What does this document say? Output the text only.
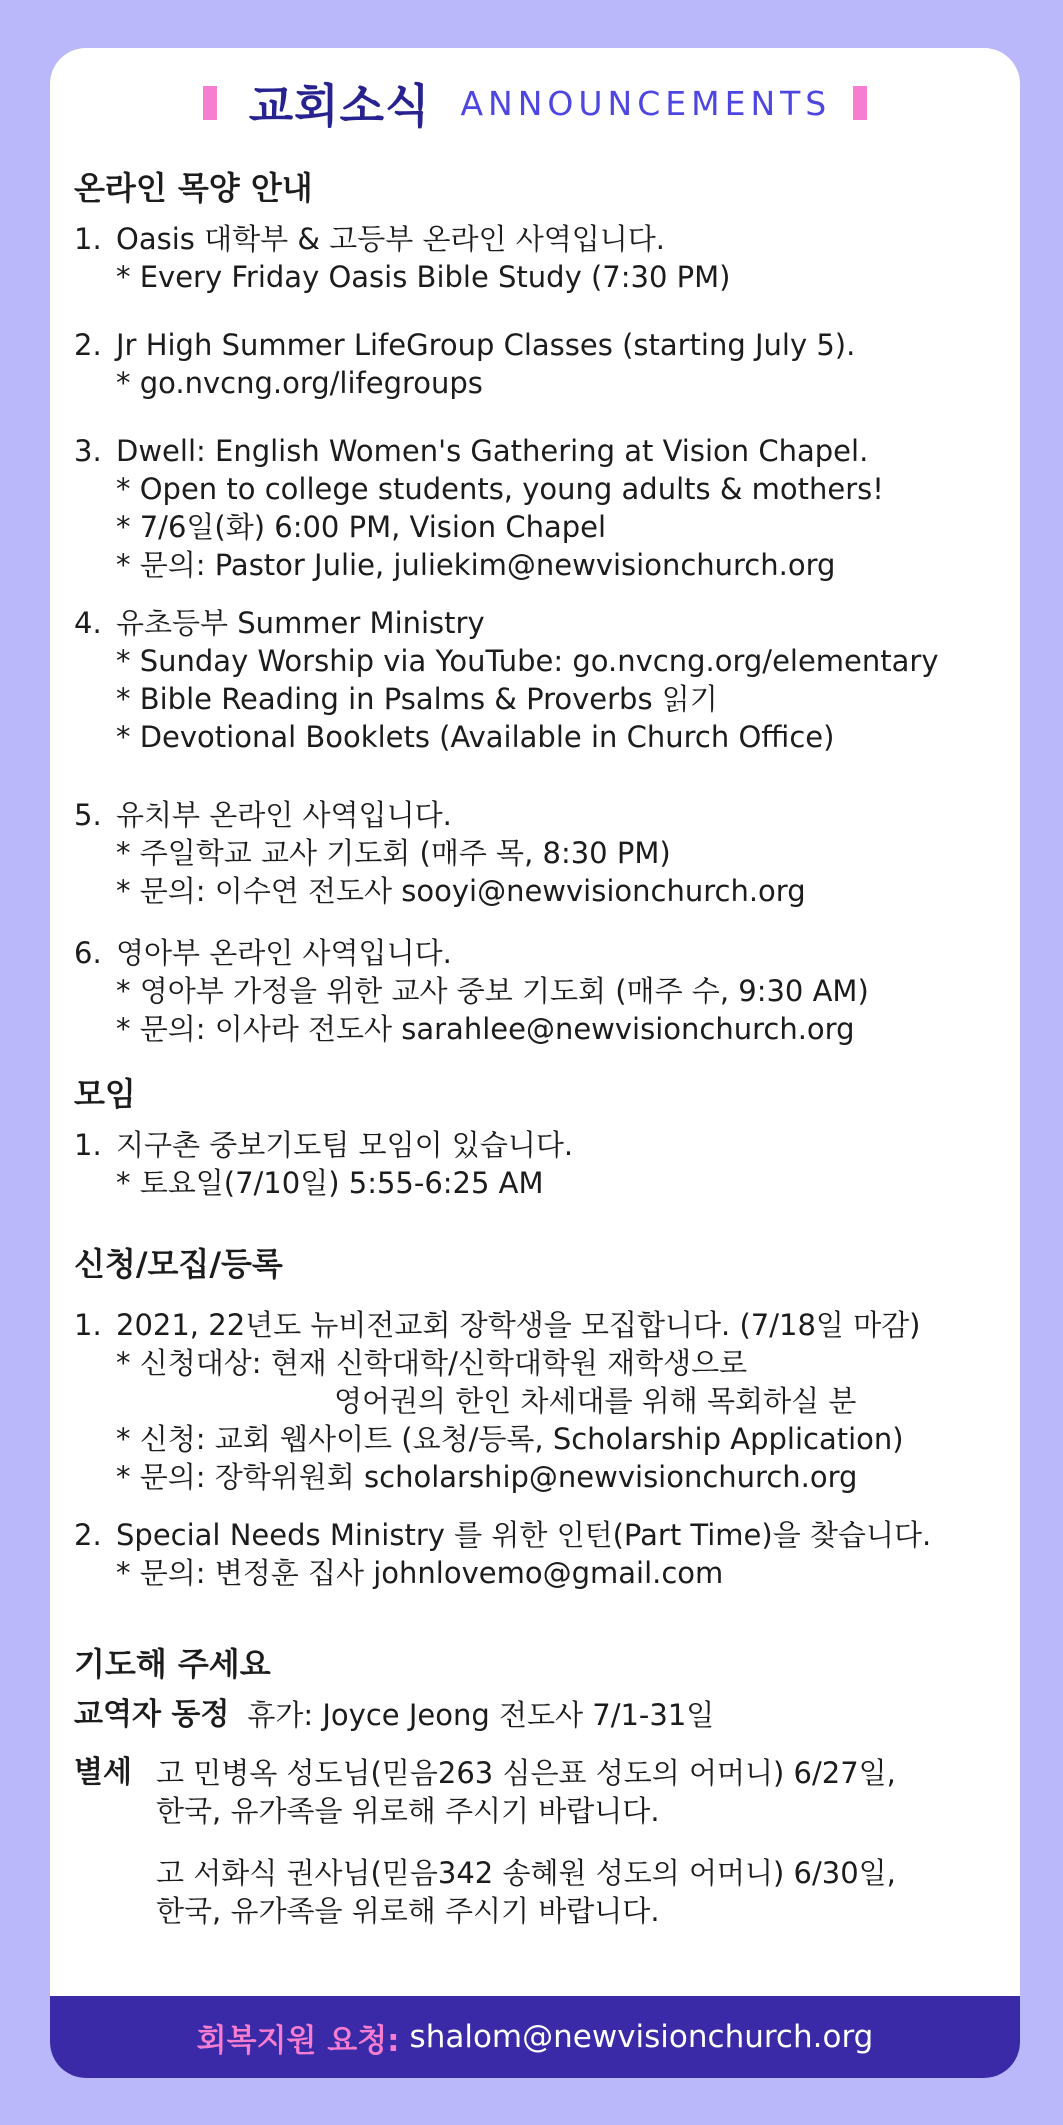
교회소식 ANNOUNCEMENTS
온라인 목양 안내
1. Oasis 대학부 & 고등부 온라인 사역입니다.
* Every Friday Oasis Bible Study (7:30 PM)
2. Jr High Summer LifeGroup Classes (starting July 5).
* go.nvcng.org/lifegroups
3. Dwell: English Women's Gathering at Vision Chapel.
* Open to college students, young adults & mothers!
* 7/6일(화) 6:00 PM, Vision Chapel
* 문의: Pastor Julie, juliekim@newvisionchurch.org
4. 유초등부 Summer Ministry
* Sunday Worship via YouTube: go.nvcng.org/elementary
* Bible Reading in Psalms & Proverbs 읽기
* Devotional Booklets (Available in Church Office)
5. 유치부 온라인 사역입니다.
* 주일학교 교사 기도회 (매주 목, 8:30 PM)
* 문의: 이수연 전도사 sooyi@newvisionchurch.org
6. 영아부 온라인 사역입니다.
* 영아부 가정을 위한 교사 중보 기도회 (매주 수, 9:30 AM)
* 문의: 이사라 전도사 sarahlee@newvisionchurch.org
모임
1. 지구촌 중보기도팀 모임이 있습니다.
* 토요일(7/10일) 5:55-6:25 AM
신청/모집/등록
1. 2021, 22년도 뉴비전교회 장학생을 모집합니다. (7/18일 마감)
* 신청대상: 현재 신학대학/신학대학원 재학생으로
영어권의 한인 차세대를 위해 목회하실 분
* 신청: 교회 웹사이트 (요청/등록, Scholarship Application)
* 문의: 장학위원회 scholarship@newvisionchurch.org
2. Special Needs Ministry 를 위한 인턴(Part Time)을 찾습니다.
* 문의: 변정훈 집사 johnlovemo@gmail.com
기도해 주세요
교역자 동정 휴가: Joyce Jeong 전도사 7/1-31일
별세 고 민병옥 성도님(믿음263 심은표 성도의 어머니) 6/27일,
한국, 유가족을 위로해 주시기 바랍니다.
고 서화식 권사님(믿음342 송혜원 성도의 어머니) 6/30일,
한국, 유가족을 위로해 주시기 바랍니다.
회복지원 요청: shalom@newvisionchurch.org
